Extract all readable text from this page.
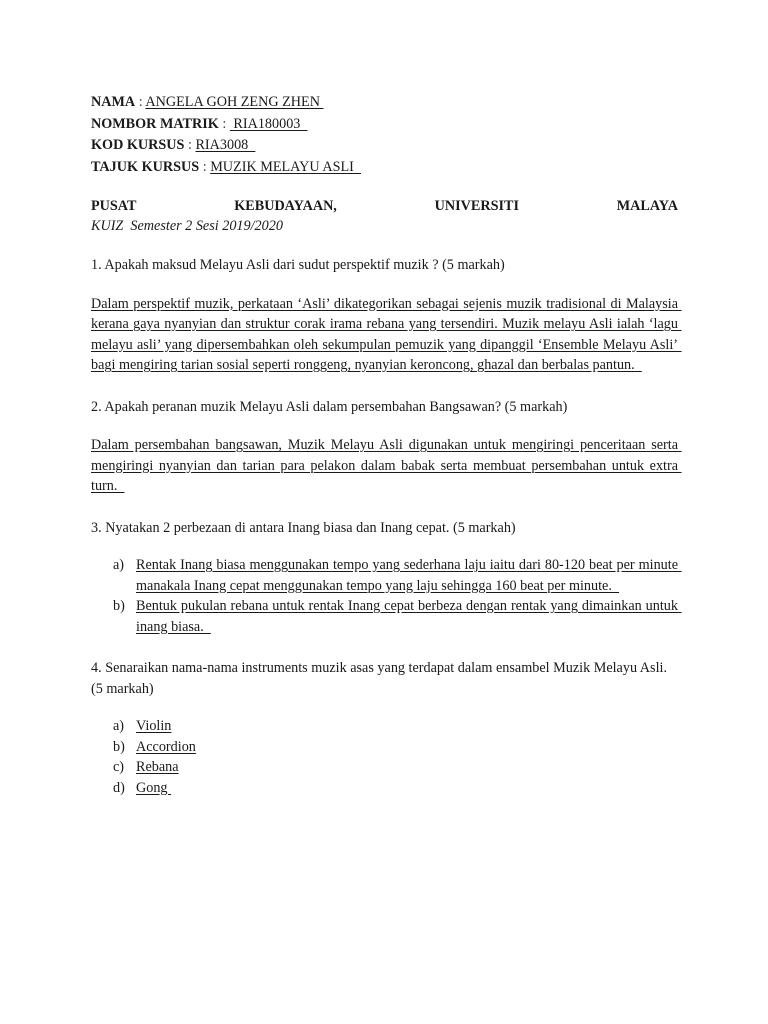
NAMA : ANGELA GOH ZENG ZHEN
NOMBOR MATRIK :  RIA180003
KOD KURSUS : RIA3008
TAJUK KURSUS : MUZIK MELAYU ASLI
PUSAT	KEBUDAYAAN,	UNIVERSITI	MALAYA
KUIZ  Semester 2 Sesi 2019/2020
1. Apakah maksud Melayu Asli dari sudut perspektif muzik ? (5 markah)
Dalam perspektif muzik, perkataan ‘Asli’ dikategorikan sebagai sejenis muzik tradisional di Malaysia kerana gaya nyanyian dan struktur corak irama rebana yang tersendiri. Muzik melayu Asli ialah ‘lagu melayu asli’ yang dipersembahkan oleh sekumpulan pemuzik yang dipanggil ‘Ensemble Melayu Asli’ bagi mengiring tarian sosial seperti ronggeng, nyanyian keroncong, ghazal dan berbalas pantun.
2. Apakah peranan muzik Melayu Asli dalam persembahan Bangsawan? (5 markah)
Dalam persembahan bangsawan, Muzik Melayu Asli digunakan untuk mengiringi penceritaan serta mengiringi nyanyian dan tarian para pelakon dalam babak serta membuat persembahan untuk extra turn.
3. Nyatakan 2 perbezaan di antara Inang biasa dan Inang cepat. (5 markah)
a) Rentak Inang biasa menggunakan tempo yang sederhana laju iaitu dari 80-120 beat per minute manakala Inang cepat menggunakan tempo yang laju sehingga 160 beat per minute.
b) Bentuk pukulan rebana untuk rentak Inang cepat berbeza dengan rentak yang dimainkan untuk inang biasa.
4. Senaraikan nama-nama instruments muzik asas yang terdapat dalam ensambel Muzik Melayu Asli. (5 markah)
a) Violin
b) Accordion
c) Rebana
d) Gong
